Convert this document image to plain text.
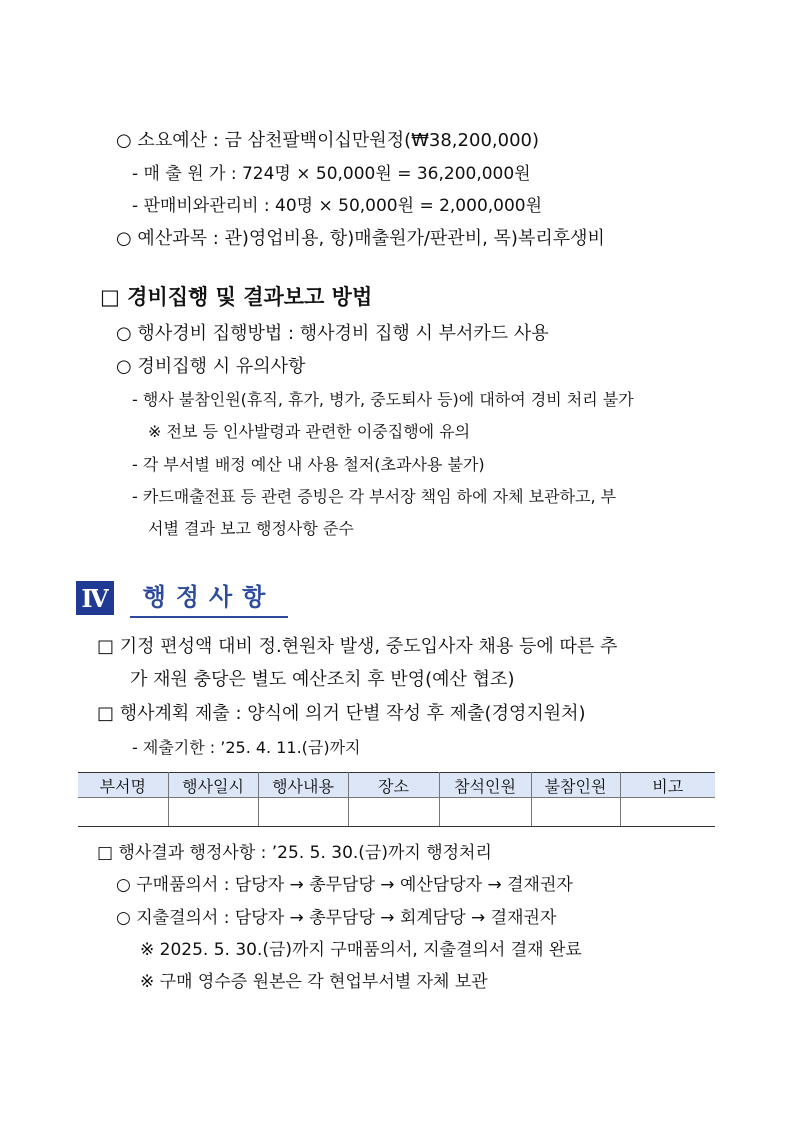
○ 소요예산 : 금 삼천팔백이십만원정(₩38,200,000)
- 매 출 원 가 : 724명 × 50,000원 = 36,200,000원
- 판매비와관리비 : 40명 × 50,000원 = 2,000,000원
○ 예산과목 : 관)영업비용, 항)매출원가/판관비, 목)복리후생비
□ 경비집행 및 결과보고 방법
○ 행사경비 집행방법 : 행사경비 집행 시 부서카드 사용
○ 경비집행 시 유의사항
- 행사 불참인원(휴직, 휴가, 병가, 중도퇴사 등)에 대하여 경비 처리 불가
※ 전보 등 인사발령과 관련한 이중집행에 유의
- 각 부서별 배정 예산 내 사용 철저(초과사용 불가)
- 카드매출전표 등 관련 증빙은 각 부서장 책임 하에 자체 보관하고, 부
서별 결과 보고 행정사항 준수
Ⅳ	행정사항
□ 기정 편성액 대비 정.현원차 발생, 중도입사자 채용 등에 따른 추
가 재원 충당은 별도 예산조치 후 반영(예산 협조)
□ 행사계획 제출 : 양식에 의거 단별 작성 후 제출(경영지원처)
- 제출기한 : ’25. 4. 11.(금)까지
부서명	행사일시	행사내용	장소	참석인원	불참인원	비고

□ 행사결과 행정사항 : ’25. 5. 30.(금)까지 행정처리
○ 구매품의서 : 담당자 → 총무담당 → 예산담당자 → 결재권자
○ 지출결의서 : 담당자 → 총무담당 → 회계담당 → 결재권자
※ 2025. 5. 30.(금)까지 구매품의서, 지출결의서 결재 완료
※ 구매 영수증 원본은 각 현업부서별 자체 보관
